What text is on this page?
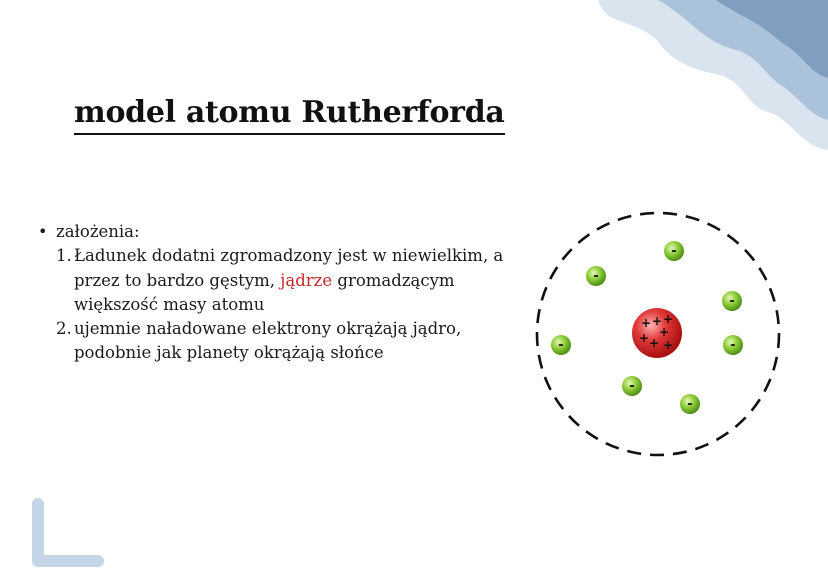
model atomu Rutherforda
• założenia:
1. Ładunek dodatni zgromadzony jest w niewielkim, a przez to bardzo gęstym, jądrze gromadzącym większość masy atomu
2. ujemnie naładowane elektrony okrążają jądro, podobnie jak planety okrążają słońce
+ + +
+
+ + +
-
-
-
-	-
-
-
